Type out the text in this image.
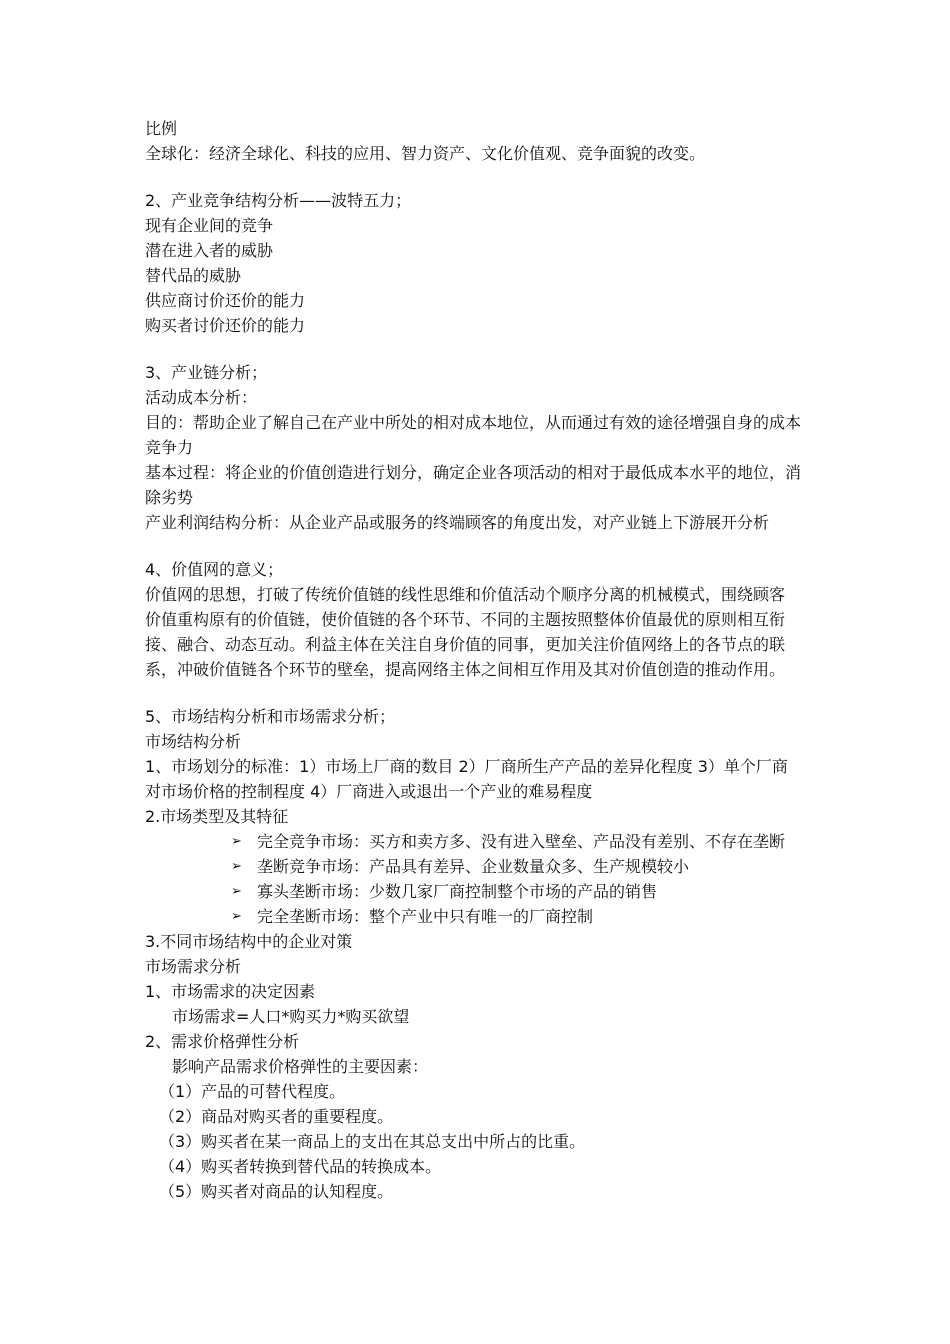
比例
全球化：经济全球化、科技的应用、智力资产、文化价值观、竞争面貌的改变。
2、产业竞争结构分析——波特五力；
现有企业间的竞争
潜在进入者的威胁
替代品的威胁
供应商讨价还价的能力
购买者讨价还价的能力
3、产业链分析；
活动成本分析：
目的：帮助企业了解自己在产业中所处的相对成本地位，从而通过有效的途径增强自身的成本竞争力
基本过程：将企业的价值创造进行划分，确定企业各项活动的相对于最低成本水平的地位，消除劣势
产业利润结构分析：从企业产品或服务的终端顾客的角度出发，对产业链上下游展开分析
4、价值网的意义；
价值网的思想，打破了传统价值链的线性思维和价值活动个顺序分离的机械模式，围绕顾客
价值重构原有的价值链，使价值链的各个环节、不同的主题按照整体价值最优的原则相互衔
接、融合、动态互动。利益主体在关注自身价值的同事，更加关注价值网络上的各节点的联
系，冲破价值链各个环节的壁垒，提高网络主体之间相互作用及其对价值创造的推动作用。
5、市场结构分析和市场需求分析；
市场结构分析
1、市场划分的标准：1）市场上厂商的数目 2）厂商所生产产品的差异化程度 3）单个厂商
对市场价格的控制程度 4）厂商进入或退出一个产业的难易程度
2.市场类型及其特征
➢ 完全竞争市场：买方和卖方多、没有进入壁垒、产品没有差别、不存在垄断
➢ 垄断竞争市场：产品具有差异、企业数量众多、生产规模较小
➢ 寡头垄断市场：少数几家厂商控制整个市场的产品的销售
➢ 完全垄断市场：整个产业中只有唯一的厂商控制
3.不同市场结构中的企业对策
市场需求分析
1、市场需求的决定因素
市场需求=人口*购买力*购买欲望
2、需求价格弹性分析
影响产品需求价格弹性的主要因素：
（1）产品的可替代程度。
（2）商品对购买者的重要程度。
（3）购买者在某一商品上的支出在其总支出中所占的比重。
（4）购买者转换到替代品的转换成本。
（5）购买者对商品的认知程度。
